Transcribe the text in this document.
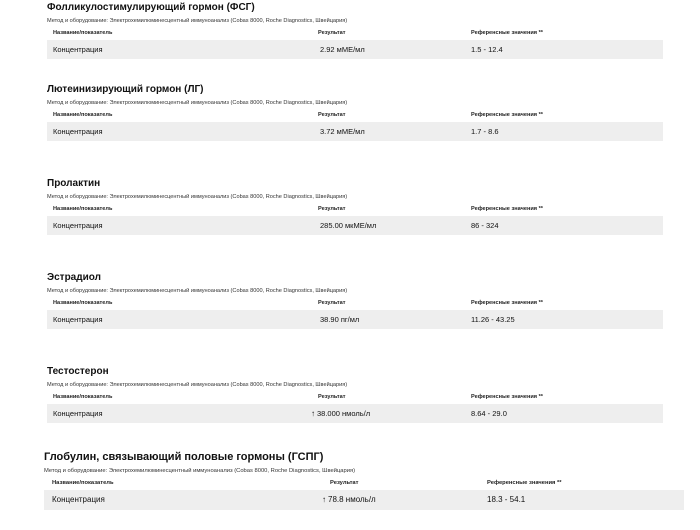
Фолликулостимулирующий гормон (ФСГ)
Метод и оборудование: Электрохемилюминесцентный иммуноанализ (Cobas 8000, Roche Diagnostics, Швейцария)
Название/показатель	Результат	Референсные значения **
Концентрация	2.92 мМЕ/мл	1.5 - 12.4
Лютеинизирующий гормон (ЛГ)
Метод и оборудование: Электрохемилюминесцентный иммуноанализ (Cobas 8000, Roche Diagnostics, Швейцария)
Название/показатель	Результат	Референсные значения **
Концентрация	3.72 мМЕ/мл	1.7 - 8.6
Пролактин
Метод и оборудование: Электрохемилюминесцентный иммуноанализ (Cobas 8000, Roche Diagnostics, Швейцария)
Название/показатель	Результат	Референсные значения **
Концентрация	285.00 мкМЕ/мл	86 - 324
Эстрадиол
Метод и оборудование: Электрохемилюминесцентный иммуноанализ (Cobas 8000, Roche Diagnostics, Швейцария)
Название/показатель	Результат	Референсные значения **
Концентрация	38.90 пг/мл	11.26 - 43.25
Тестостерон
Метод и оборудование: Электрохемилюминесцентный иммуноанализ (Cobas 8000, Roche Diagnostics, Швейцария)
Название/показатель	Результат	Референсные значения **
Концентрация	↑ 38.000 нмоль/л	8.64 - 29.0
Глобулин, связывающий половые гормоны (ГСПГ)
Метод и оборудование: Электрохемилюминесцентный иммуноанализ (Cobas 8000, Roche Diagnostics, Швейцария)
Название/показатель	Результат	Референсные значения **
Концентрация	↑ 78.8 нмоль/л	18.3 - 54.1
